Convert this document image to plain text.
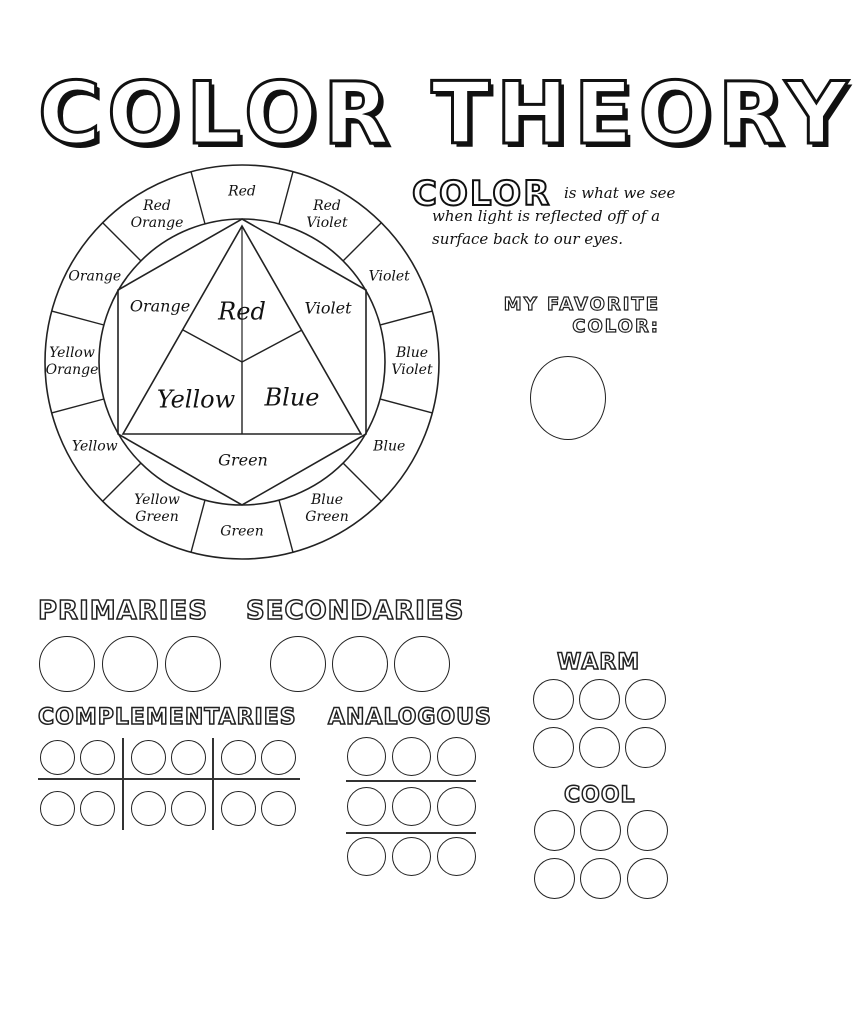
COLOR THEORY
Red
Red
Violet
Violet
Blue
Violet
Blue
Blue
Green
Green
Yellow
Green
Yellow
Yellow
Orange
Orange
Red
Orange
Red
Yellow Blue
Orange	Violet
Green
COLOR is what we see
when light is reflected off of a
surface back to our eyes.
MY FAVORITE
COLOR:
PRIMARIES SECONDARIES
COMPLEMENTARIES ANALOGOUS
WARM
COOL
